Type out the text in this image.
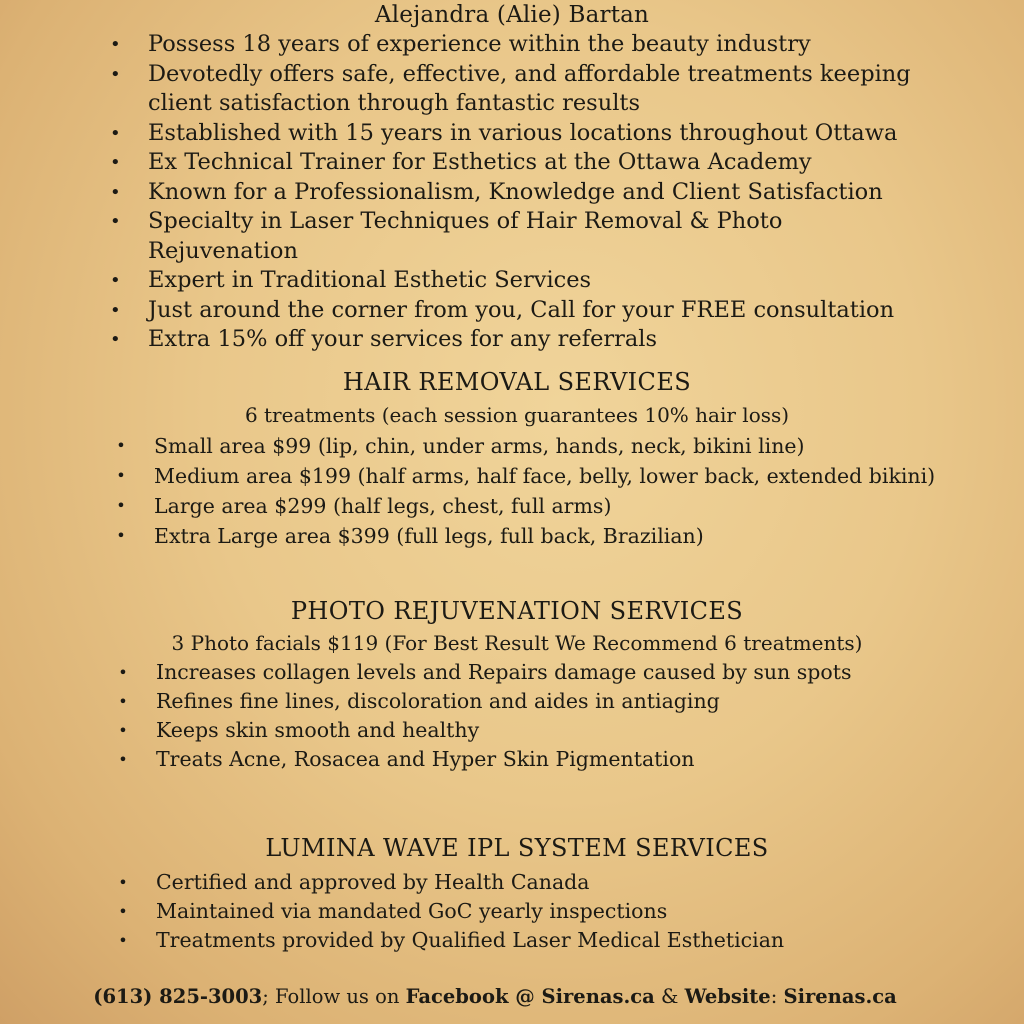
Alejandra (Alie) Bartan
• Possess 18 years of experience within the beauty industry
• Devotedly offers safe, effective, and affordable treatments keeping client satisfaction through fantastic results
• Established with 15 years in various locations throughout Ottawa
• Ex Technical Trainer for Esthetics at the Ottawa Academy
• Known for a Professionalism, Knowledge and Client Satisfaction
• Specialty in Laser Techniques of Hair Removal & Photo Rejuvenation
• Expert in Traditional Esthetic Services
• Just around the corner from you, Call for your FREE consultation
• Extra 15% off your services for any referrals
HAIR REMOVAL SERVICES
6 treatments (each session guarantees 10% hair loss)
• Small area $99 (lip, chin, under arms, hands, neck, bikini line)
• Medium area $199 (half arms, half face, belly, lower back, extended bikini)
• Large area $299 (half legs, chest, full arms)
• Extra Large area $399 (full legs, full back, Brazilian)
PHOTO REJUVENATION SERVICES
3 Photo facials $119 (For Best Result We Recommend 6 treatments)
• Increases collagen levels and Repairs damage caused by sun spots
• Refines fine lines, discoloration and aides in antiaging
• Keeps skin smooth and healthy
• Treats Acne, Rosacea and Hyper Skin Pigmentation
LUMINA WAVE IPL SYSTEM SERVICES
• Certified and approved by Health Canada
• Maintained via mandated GoC yearly inspections
• Treatments provided by Qualified Laser Medical Esthetician
(613) 825-3003; Follow us on Facebook @ Sirenas.ca & Website: Sirenas.ca
